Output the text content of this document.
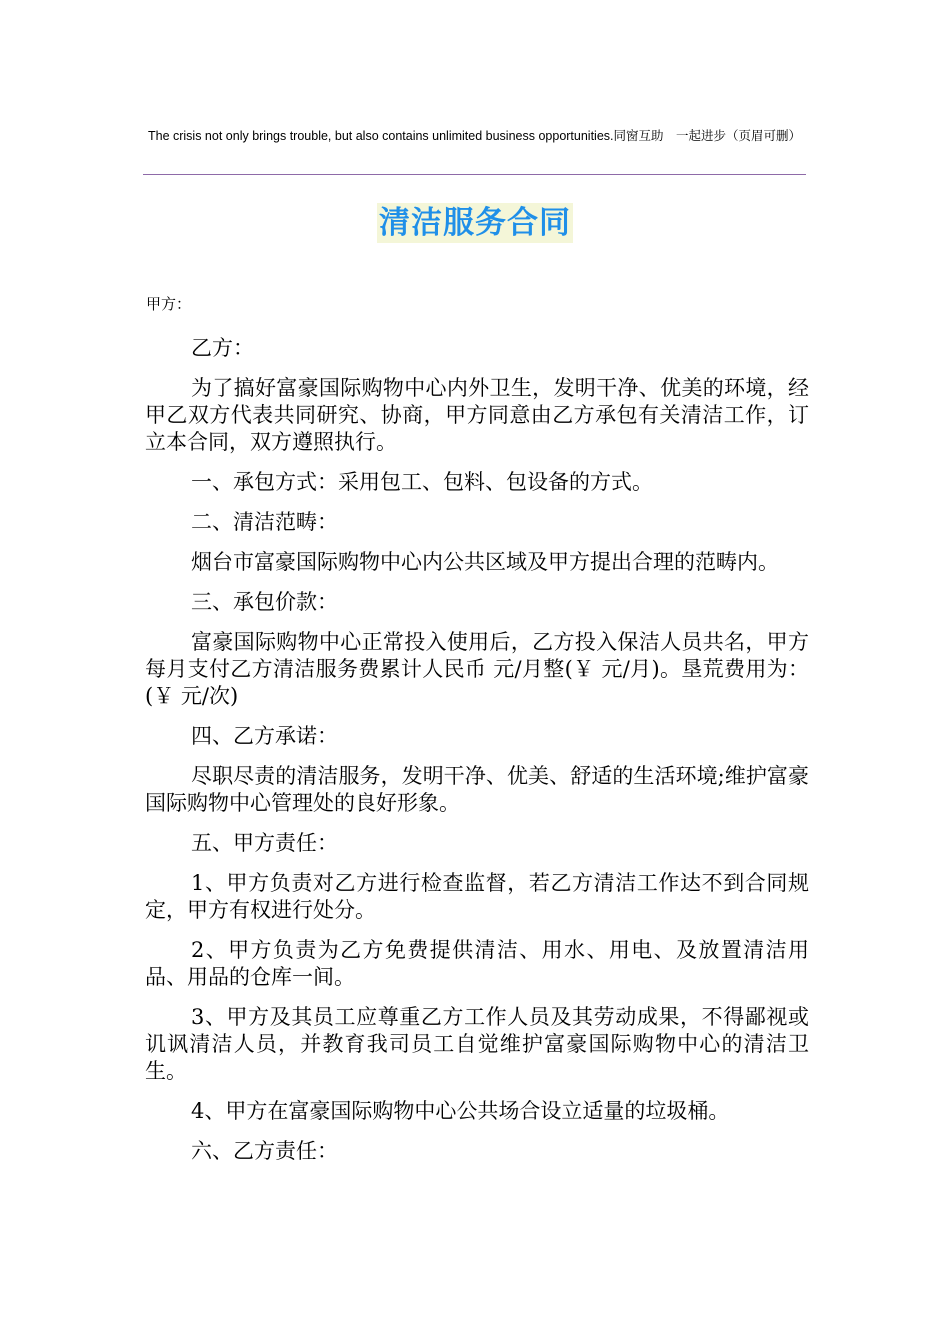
The crisis not only brings trouble, but also contains unlimited business opportunities.同窗互助　一起进步（页眉可删）
清洁服务合同
甲方：

乙方：

为了搞好富豪国际购物中心内外卫生，发明干净、优美的环境，经甲乙双方代表共同研究、协商，甲方同意由乙方承包有关清洁工作，订立本合同，双方遵照执行。

一、承包方式：采用包工、包料、包设备的方式。

二、清洁范畴：

烟台市富豪国际购物中心内公共区域及甲方提出合理的范畴内。

三、承包价款：

富豪国际购物中心正常投入使用后，乙方投入保洁人员共名，甲方每月支付乙方清洁服务费累计人民币 元/月整(￥ 元/月)。垦荒费用为： (￥ 元/次)

四、乙方承诺：

尽职尽责的清洁服务，发明干净、优美、舒适的生活环境;维护富豪国际购物中心管理处的良好形象。

五、甲方责任：

1、甲方负责对乙方进行检查监督，若乙方清洁工作达不到合同规定，甲方有权进行处分。

2、甲方负责为乙方免费提供清洁、用水、用电、及放置清洁用品、用品的仓库一间。

3、甲方及其员工应尊重乙方工作人员及其劳动成果，不得鄙视或讥讽清洁人员，并教育我司员工自觉维护富豪国际购物中心的清洁卫生。

4、甲方在富豪国际购物中心公共场合设立适量的垃圾桶。

六、乙方责任：
